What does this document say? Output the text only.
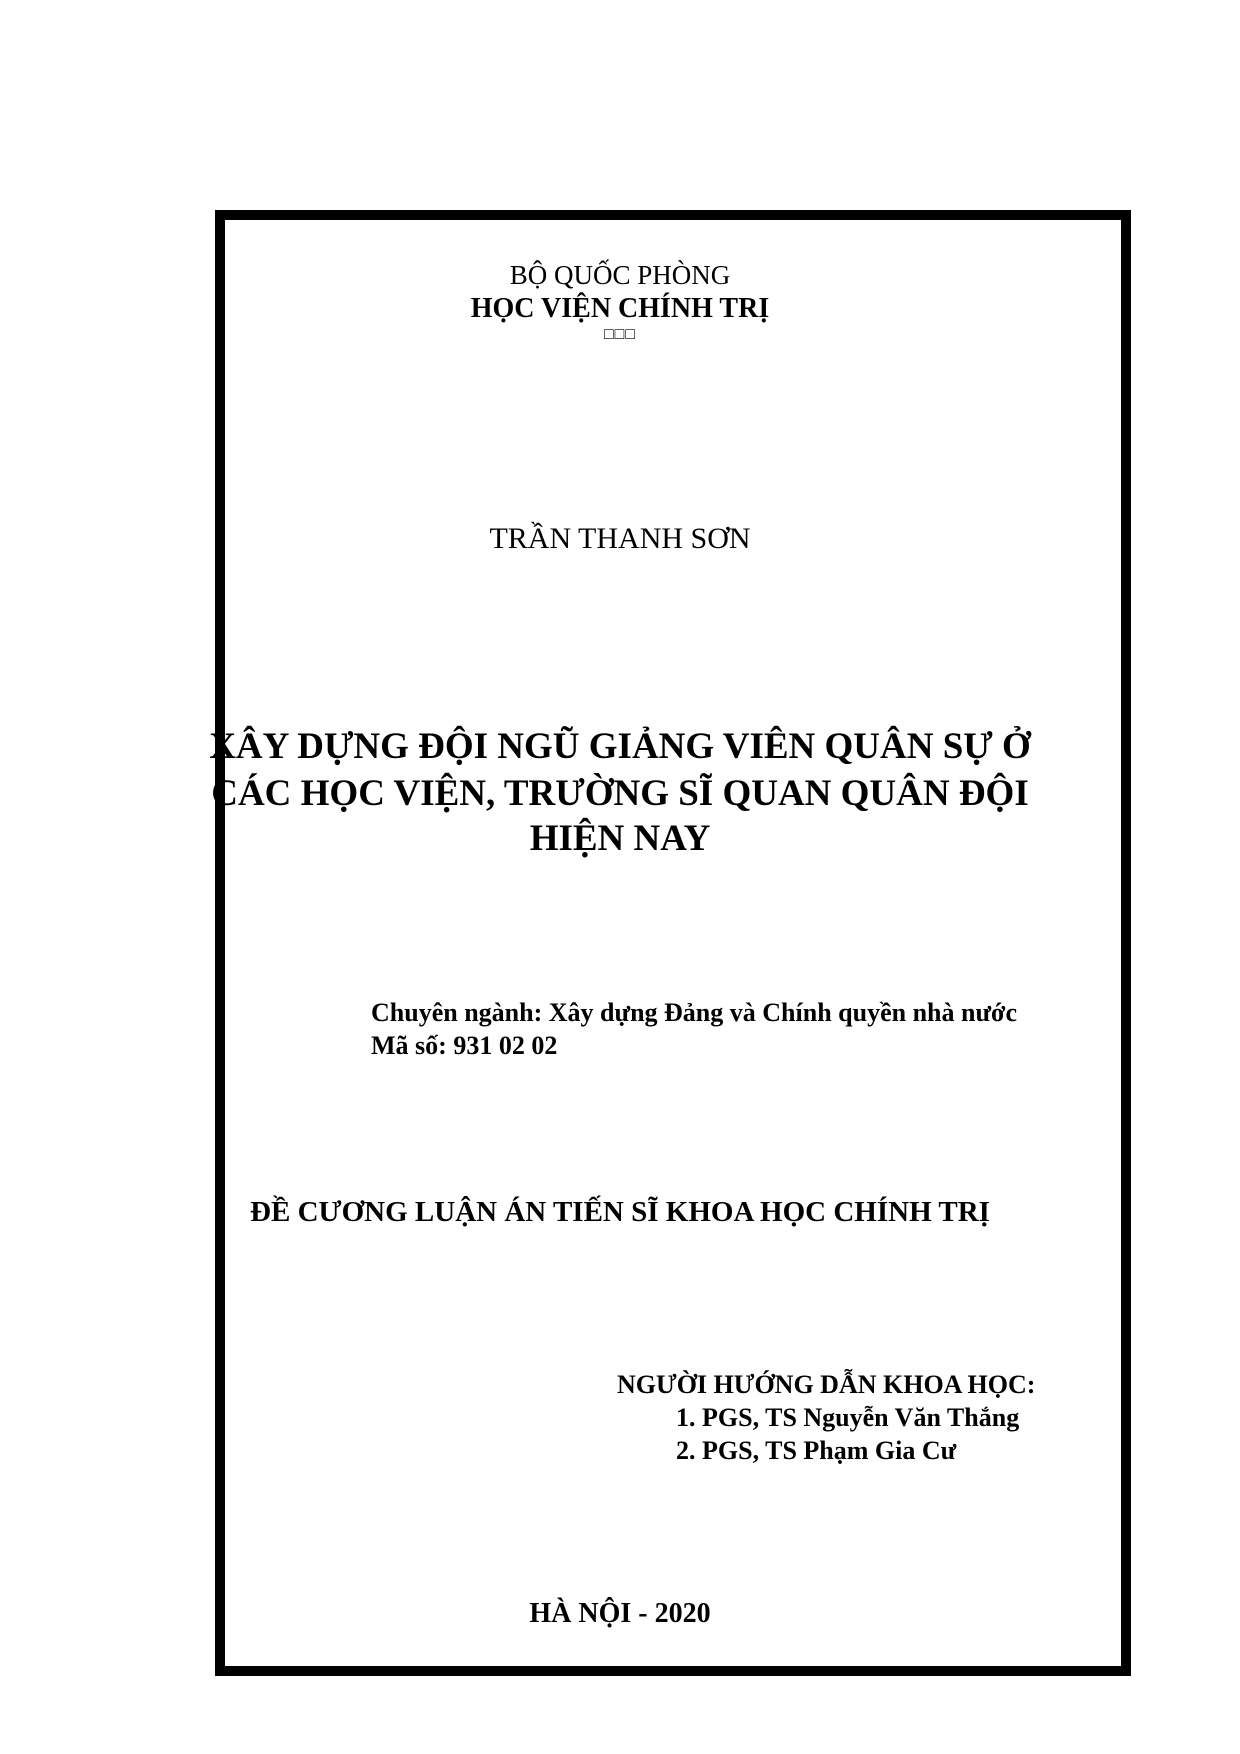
BỘ QUỐC PHÒNG
HỌC VIỆN CHÍNH TRỊ
□□□
TRẦN THANH SƠN
XÂY DỰNG ĐỘI NGŨ GIẢNG VIÊN QUÂN SỰ Ở
CÁC HỌC VIỆN, TRƯỜNG SĨ QUAN QUÂN ĐỘI
HIỆN NAY
Chuyên ngành: Xây dựng Đảng và Chính quyền nhà nước
Mã số: 931 02 02
ĐỀ CƯƠNG LUẬN ÁN TIẾN SĨ KHOA HỌC CHÍNH TRỊ
NGƯỜI HƯỚNG DẪN KHOA HỌC:
1. PGS, TS Nguyễn Văn Thắng
2. PGS, TS Phạm Gia Cư
HÀ NỘI - 2020
